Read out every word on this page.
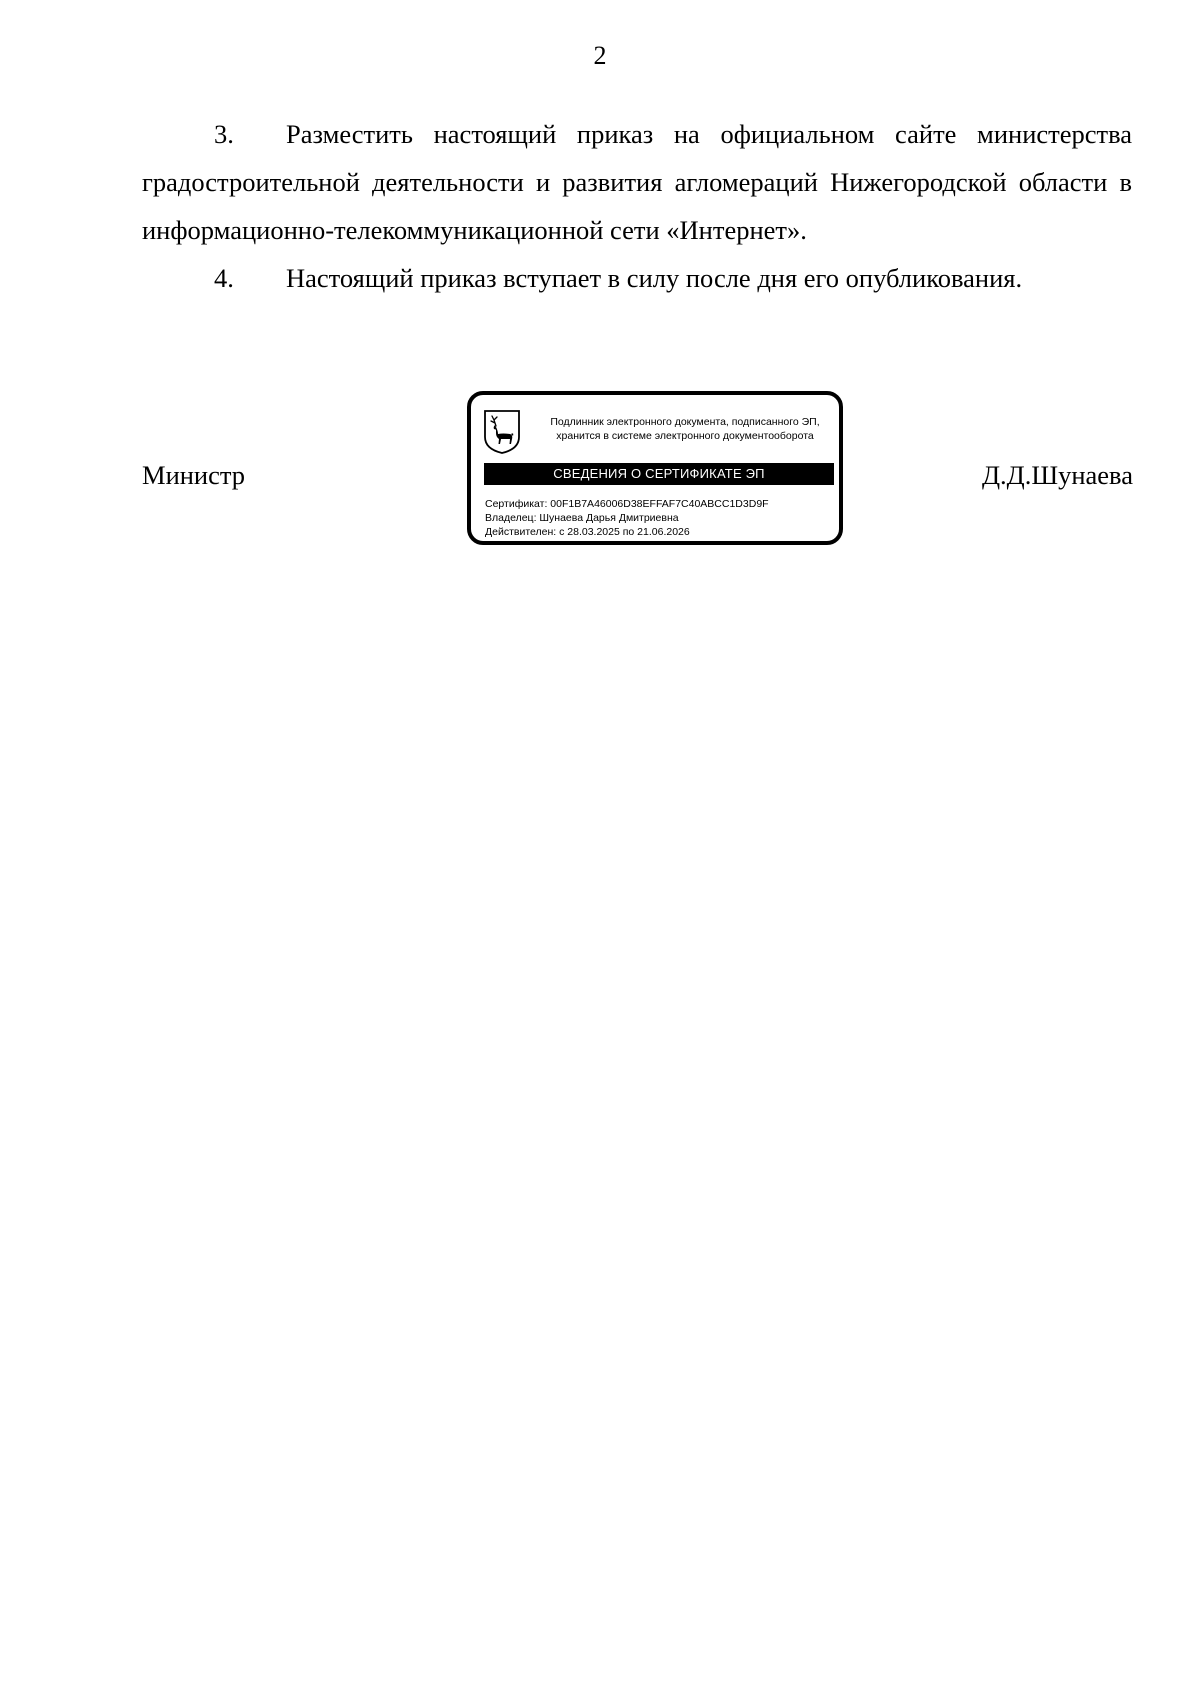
2

3. Разместить настоящий приказ на официальном сайте министерства градостроительной деятельности и развития агломераций Нижегородской области в информационно-телекоммуникационной сети «Интернет».

4. Настоящий приказ вступает в силу после дня его опубликования.

Министр
Подлинник электронного документа, подписанного ЭП,
хранится в системе электронного документооборота
СВЕДЕНИЯ О СЕРТИФИКАТЕ ЭП
Сертификат: 00F1B7A46006D38EFFAF7C40ABCC1D3D9F
Владелец: Шунаева Дарья Дмитриевна
Действителен: с 28.03.2025 по 21.06.2026
Д.Д.Шунаева
